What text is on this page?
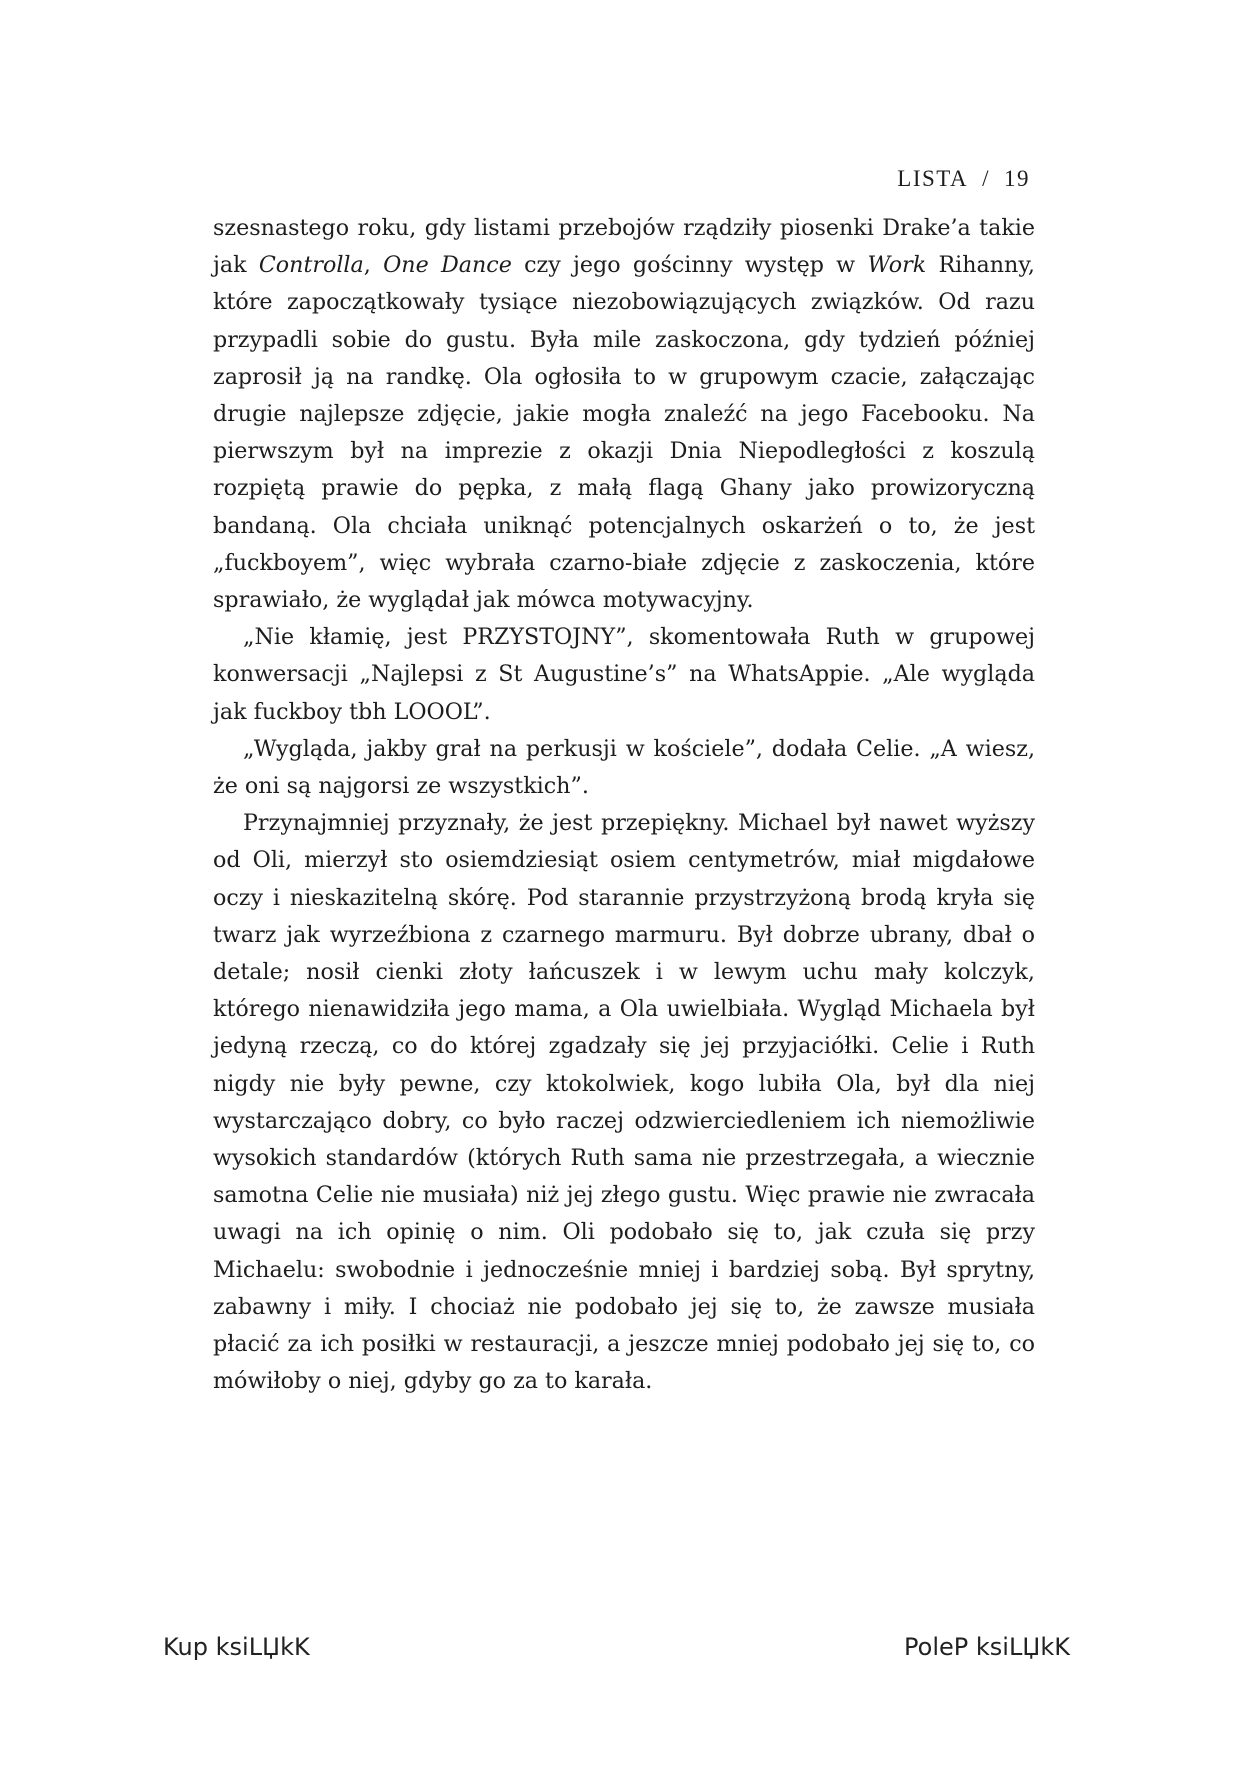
LISTA / 19

szesnastego roku, gdy listami przebojów rządziły piosenki Drake’a takie jak Controlla, One Dance czy jego gościnny występ w Work Rihanny, które zapoczątkowały tysiące niezobowiązujących związków. Od razu przypadli sobie do gustu. Była mile zaskoczona, gdy tydzień później zaprosił ją na randkę. Ola ogłosiła to w grupowym czacie, załączając drugie najlepsze zdjęcie, jakie mogła znaleźć na jego Facebooku. Na pierwszym był na imprezie z okazji Dnia Niepodległości z koszulą rozpiętą prawie do pępka, z małą flagą Ghany jako prowizoryczną bandaną. Ola chciała uniknąć potencjalnych oskarżeń o to, że jest „fuckboyem”, więc wybrała czarno-białe zdjęcie z zaskoczenia, które sprawiało, że wyglądał jak mówca motywacyjny.

„Nie kłamię, jest PRZYSTOJNY”, skomentowała Ruth w grupowej konwersacji „Najlepsi z St Augustine’s” na WhatsAppie. „Ale wygląda jak fuckboy tbh LOOOL”.

„Wygląda, jakby grał na perkusji w kościele”, dodała Celie. „A wiesz, że oni są najgorsi ze wszystkich”.

Przynajmniej przyznały, że jest przepiękny. Michael był nawet wyższy od Oli, mierzył sto osiemdziesiąt osiem centymetrów, miał migdałowe oczy i nieskazitelną skórę. Pod starannie przystrzyżoną brodą kryła się twarz jak wyrzeźbiona z czarnego marmuru. Był dobrze ubrany, dbał o detale; nosił cienki złoty łańcuszek i w lewym uchu mały kolczyk, którego nienawidziła jego mama, a Ola uwielbiała. Wygląd Michaela był jedyną rzeczą, co do której zgadzały się jej przyjaciółki. Celie i Ruth nigdy nie były pewne, czy ktokolwiek, kogo lubiła Ola, był dla niej wystarczająco dobry, co było raczej odzwierciedleniem ich niemożliwie wysokich standardów (których Ruth sama nie przestrzegała, a wiecznie samotna Celie nie musiała) niż jej złego gustu. Więc prawie nie zwracała uwagi na ich opinię o nim. Oli podobało się to, jak czuła się przy Michaelu: swobodnie i jednocześnie mniej i bardziej sobą. Był sprytny, zabawny i miły. I chociaż nie podobało jej się to, że zawsze musiała płacić za ich posiłki w restauracji, a jeszcze mniej podobało jej się to, co mówiłoby o niej, gdyby go za to karała.

Kup ksiLЏkK	PoleP ksiLЏkK
